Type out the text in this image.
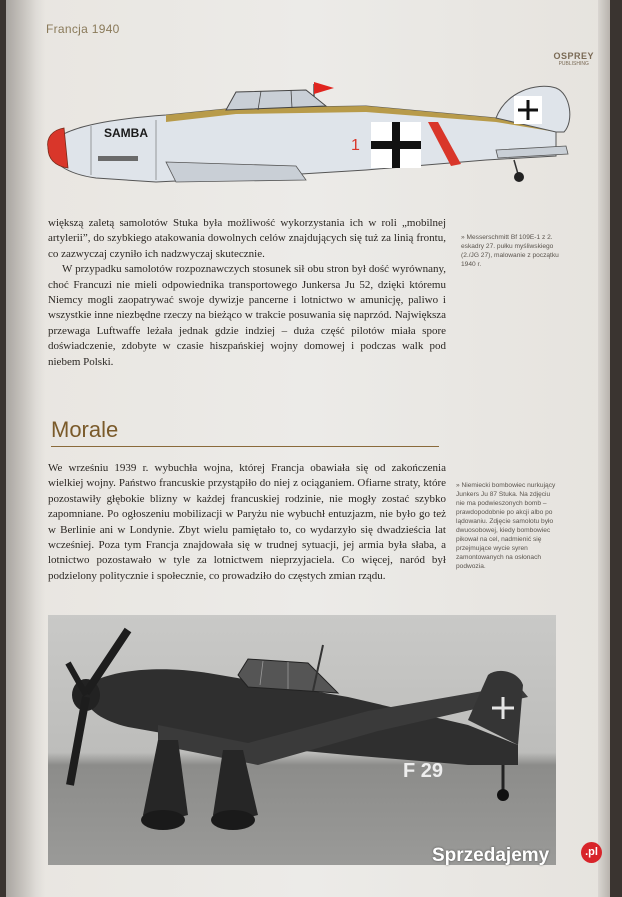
Francja 1940
OSPREY
PUBLISHING
SAMBA
1

większą zaletą samolotów Stuka była możliwość wykorzystania ich w roli „mobilnej artylerii”, do szybkiego atakowania dowolnych celów znajdujących się tuż za linią frontu, co zazwyczaj czyniło ich nadzwyczaj skutecznie.

W przypadku samolotów rozpoznawczych stosunek sił obu stron był dość wyrównany, choć Francuzi nie mieli odpowiednika transportowego Junkersa Ju 52, dzięki któremu Niemcy mogli zaopatrywać swoje dywizje pancerne i lotnictwo w amunicję, paliwo i wszystkie inne niezbędne rzeczy na bieżąco w trakcie posuwania się naprzód. Największa przewaga Luftwaffe leżała jednak gdzie indziej – duża część pilotów miała spore doświadczenie, zdobyte w czasie hiszpańskiej wojny domowej i podczas walk pod niebem Polski.

» Messerschmitt Bf 109E-1 z 2. eskadry 27. pułku myśliwskiego (2./JG 27), malowanie z początku 1940 r.
Morale

We wrześniu 1939 r. wybuchła wojna, której Francja obawiała się od zakończenia wielkiej wojny. Państwo francuskie przystąpiło do niej z ociąganiem. Ofiarne straty, które pozostawiły głębokie blizny w każdej francuskiej rodzinie, nie mogły zostać szybko zapomniane. Po ogłoszeniu mobilizacji w Paryżu nie wybuchł entuzjazm, nie było go też w Berlinie ani w Londynie. Zbyt wielu pamiętało to, co wydarzyło się dwadzieścia lat wcześniej. Poza tym Francja znajdowała się w trudnej sytuacji, jej armia była słaba, a lotnictwo pozostawało w tyle za lotnictwem nieprzyjaciela. Co więcej, naród był podzielony politycznie i społecznie, co prowadziło do częstych zmian rządu.

» Niemiecki bombowiec nurkujący Junkers Ju 87 Stuka. Na zdjęciu nie ma podwieszonych bomb – prawdopodobnie po akcji albo po lądowaniu. Zdjęcie samolotu było dwuosobowej, kiedy bombowiec pikował na cel, nadmienić się przejmujące wycie syren zamontowanych na osłonach podwozia.
F 29
Sprzedajemy	.pl
